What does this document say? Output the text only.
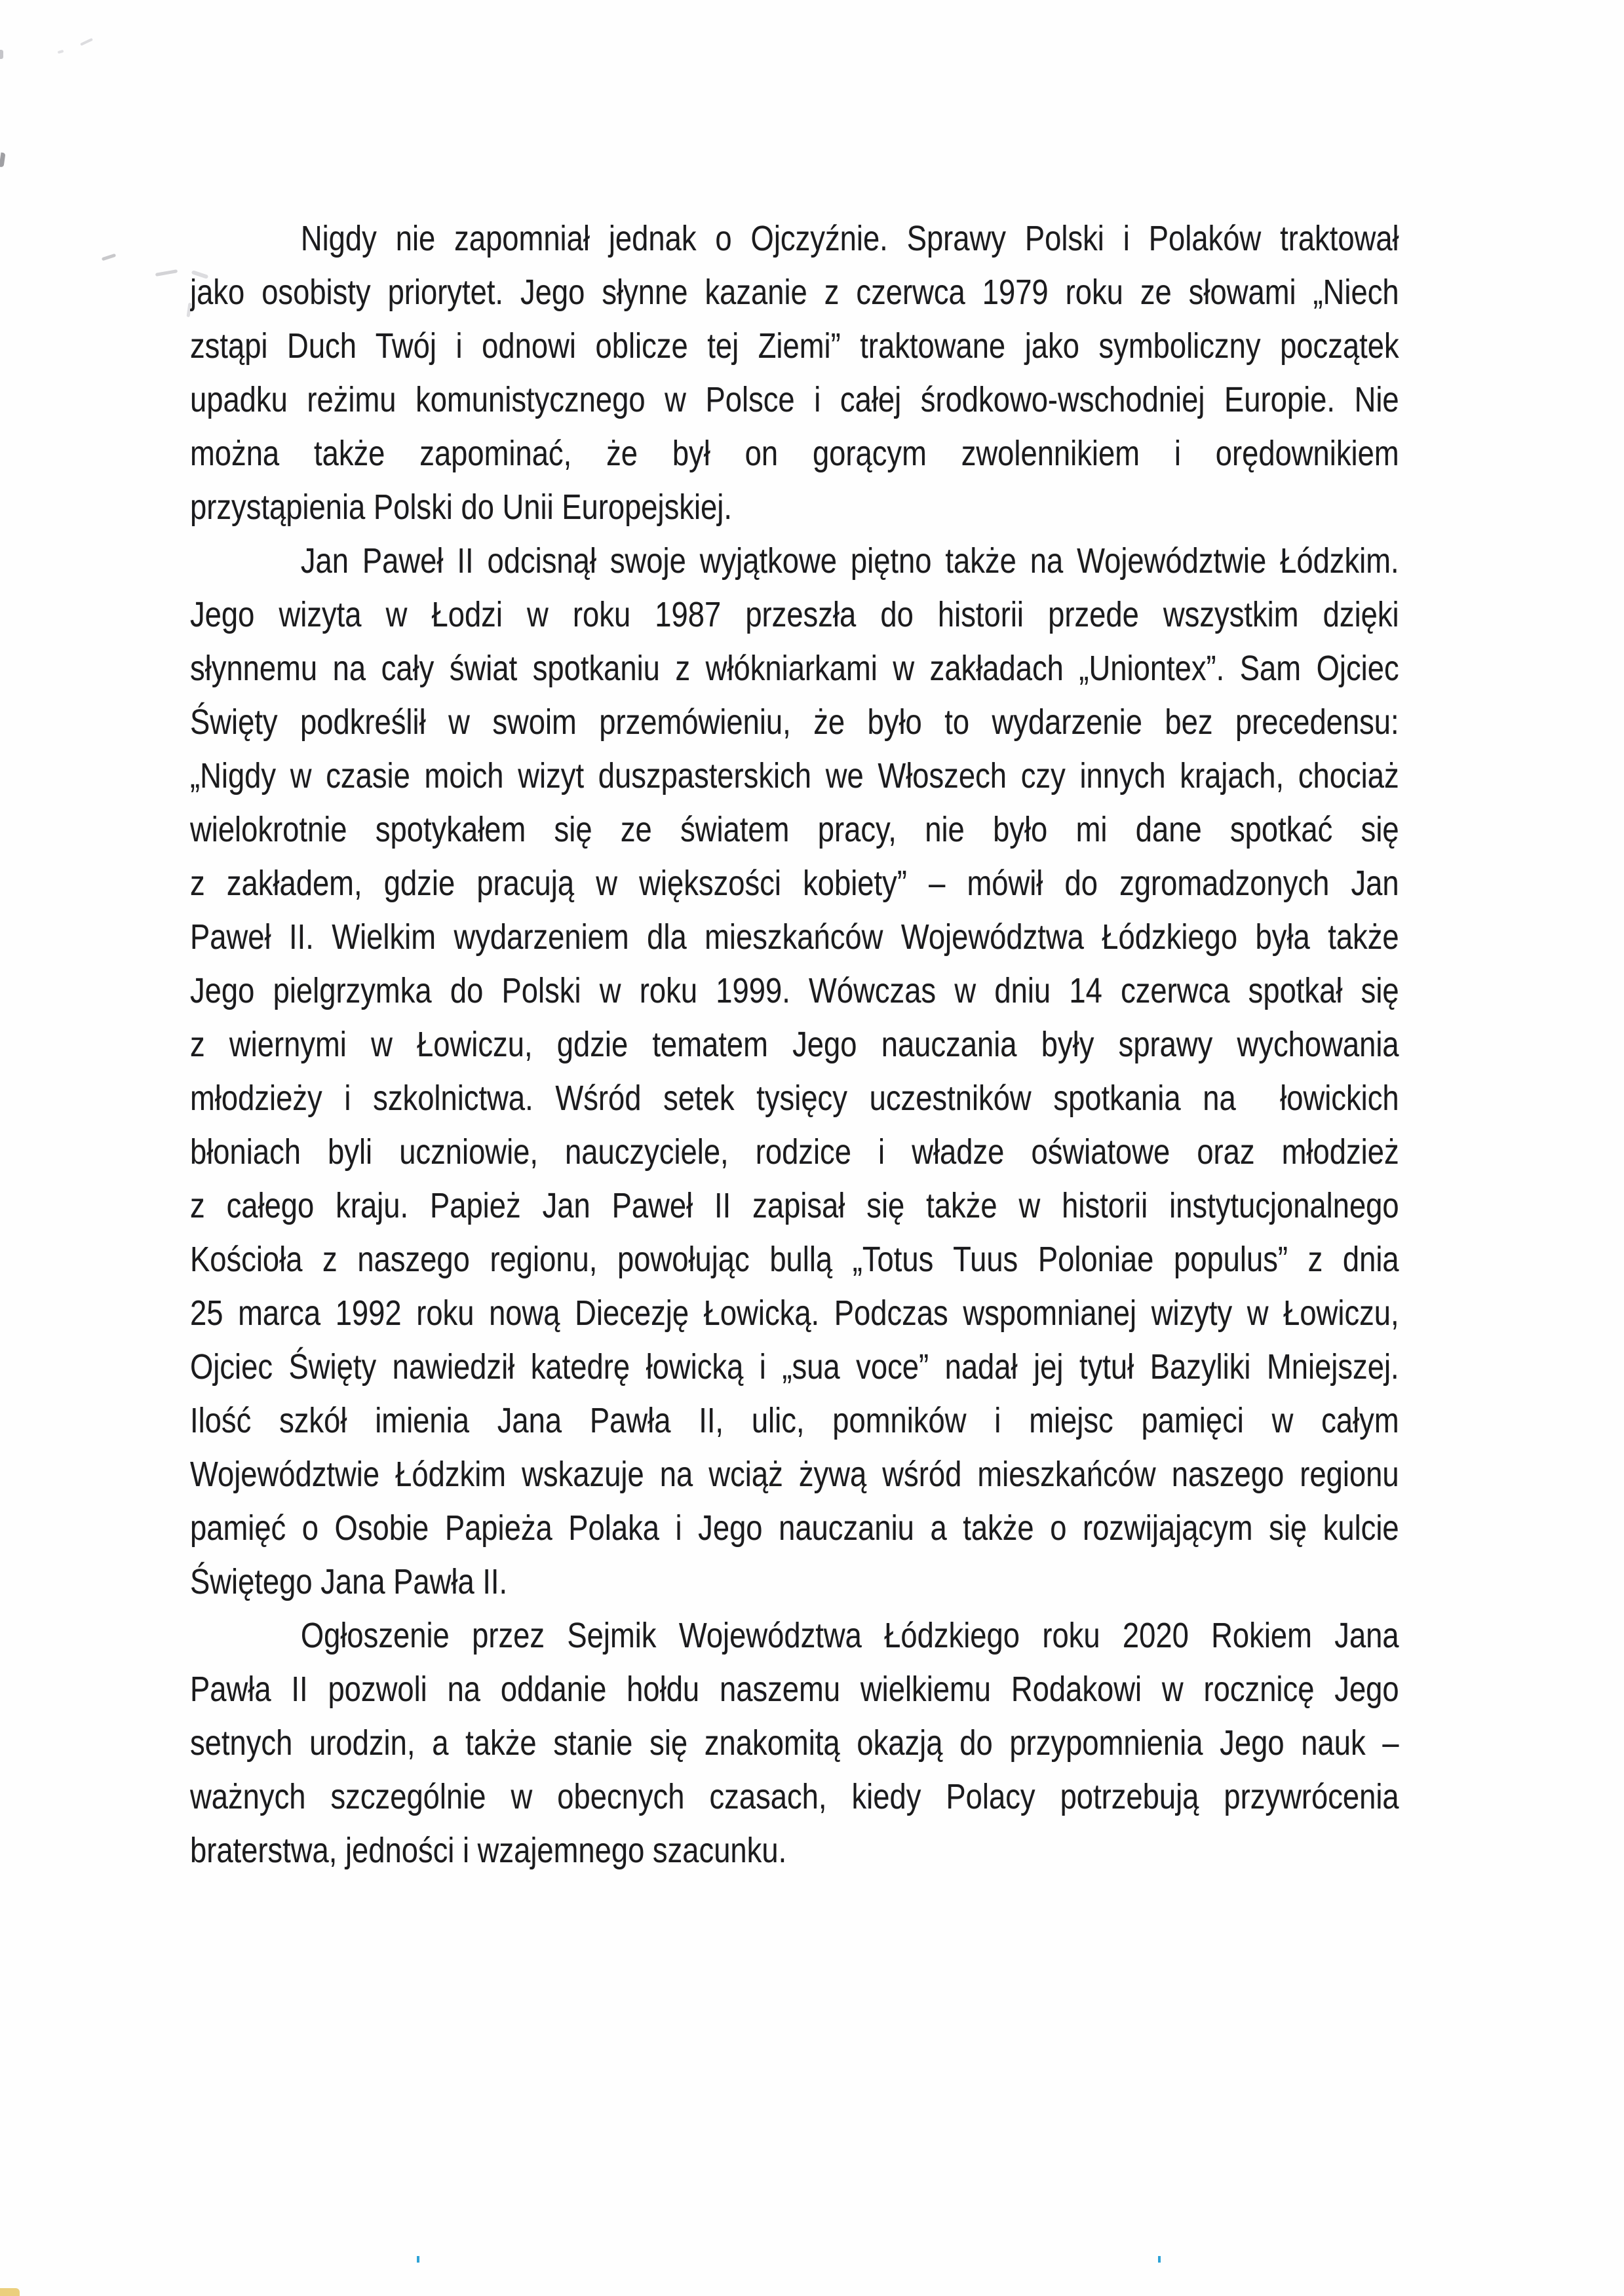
Nigdy nie zapomniał jednak o Ojczyźnie. Sprawy Polski i Polaków traktował
jako osobisty priorytet. Jego słynne kazanie z czerwca 1979 roku ze słowami „Niech
zstąpi Duch Twój i odnowi oblicze tej Ziemi” traktowane jako symboliczny początek
upadku reżimu komunistycznego w Polsce i całej środkowo-wschodniej Europie. Nie
można także zapominać, że był on gorącym zwolennikiem i orędownikiem
przystąpienia Polski do Unii Europejskiej.
Jan Paweł II odcisnął swoje wyjątkowe piętno także na Województwie Łódzkim.
Jego wizyta w Łodzi w roku 1987 przeszła do historii przede wszystkim dzięki
słynnemu na cały świat spotkaniu z włókniarkami w zakładach „Uniontex”. Sam Ojciec
Święty podkreślił w swoim przemówieniu, że było to wydarzenie bez precedensu:
„Nigdy w czasie moich wizyt duszpasterskich we Włoszech czy innych krajach, chociaż
wielokrotnie spotykałem się ze światem pracy, nie było mi dane spotkać się
z zakładem, gdzie pracują w większości kobiety” – mówił do zgromadzonych Jan
Paweł II. Wielkim wydarzeniem dla mieszkańców Województwa Łódzkiego była także
Jego pielgrzymka do Polski w roku 1999. Wówczas w dniu 14 czerwca spotkał się
z wiernymi w Łowiczu, gdzie tematem Jego nauczania były sprawy wychowania
młodzieży i szkolnictwa. Wśród setek tysięcy uczestników spotkania na  łowickich
błoniach byli uczniowie, nauczyciele, rodzice i władze oświatowe oraz młodzież
z całego kraju. Papież Jan Paweł II zapisał się także w historii instytucjonalnego
Kościoła z naszego regionu, powołując bullą „Totus Tuus Poloniae populus” z dnia
25 marca 1992 roku nową Diecezję Łowicką. Podczas wspomnianej wizyty w Łowiczu,
Ojciec Święty nawiedził katedrę łowicką i „sua voce” nadał jej tytuł Bazyliki Mniejszej.
Ilość szkół imienia Jana Pawła II, ulic, pomników i miejsc pamięci w całym
Województwie Łódzkim wskazuje na wciąż żywą wśród mieszkańców naszego regionu
pamięć o Osobie Papieża Polaka i Jego nauczaniu a także o rozwijającym się kulcie
Świętego Jana Pawła II.
Ogłoszenie przez Sejmik Województwa Łódzkiego roku 2020 Rokiem Jana
Pawła II pozwoli na oddanie hołdu naszemu wielkiemu Rodakowi w rocznicę Jego
setnych urodzin, a także stanie się znakomitą okazją do przypomnienia Jego nauk –
ważnych szczególnie w obecnych czasach, kiedy Polacy potrzebują przywrócenia
braterstwa, jedności i wzajemnego szacunku.
